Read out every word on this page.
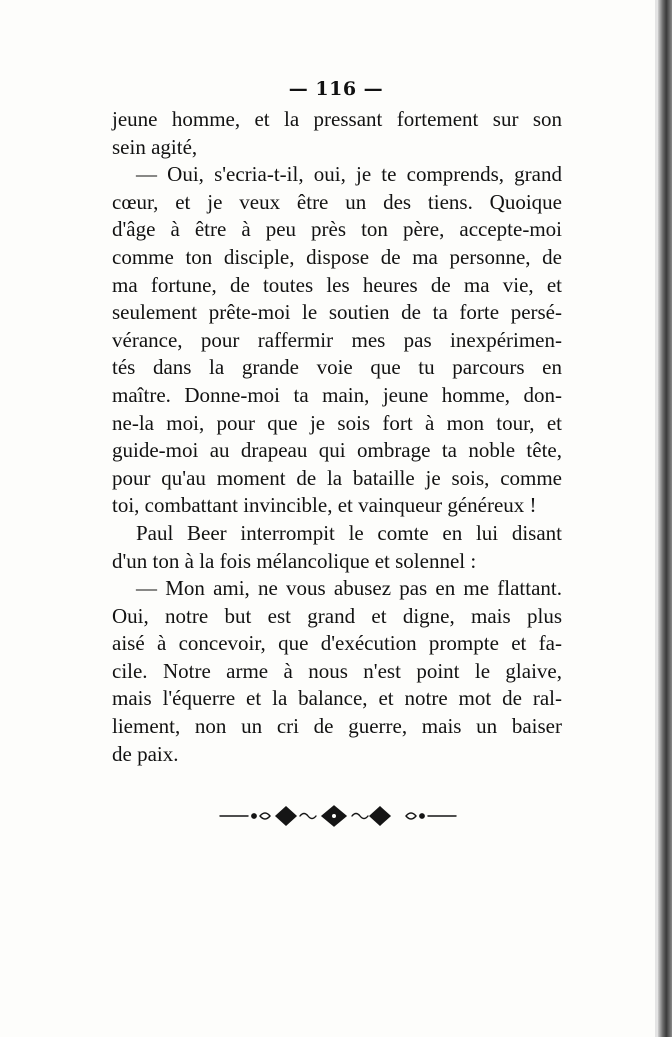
— 116 —
jeune homme, et la pressant fortement sur son
sein agité,
— Oui, s'ecria-t-il, oui, je te comprends, grand
cœur, et je veux être un des tiens. Quoique
d'âge à être à peu près ton père, accepte-moi
comme ton disciple, dispose de ma personne, de
ma fortune, de toutes les heures de ma vie, et
seulement prête-moi le soutien de ta forte persé-
vérance, pour raffermir mes pas inexpérimen-
tés dans la grande voie que tu parcours en
maître. Donne-moi ta main, jeune homme, don-
ne-la moi, pour que je sois fort à mon tour, et
guide-moi au drapeau qui ombrage ta noble tête,
pour qu'au moment de la bataille je sois, comme
toi, combattant invincible, et vainqueur généreux !
Paul Beer interrompit le comte en lui disant
d'un ton à la fois mélancolique et solennel :
— Mon ami, ne vous abusez pas en me flattant.
Oui, notre but est grand et digne, mais plus
aisé à concevoir, que d'exécution prompte et fa-
cile. Notre arme à nous n'est point le glaive,
mais l'équerre et la balance, et notre mot de ral-
liement, non un cri de guerre, mais un baiser
de paix.
